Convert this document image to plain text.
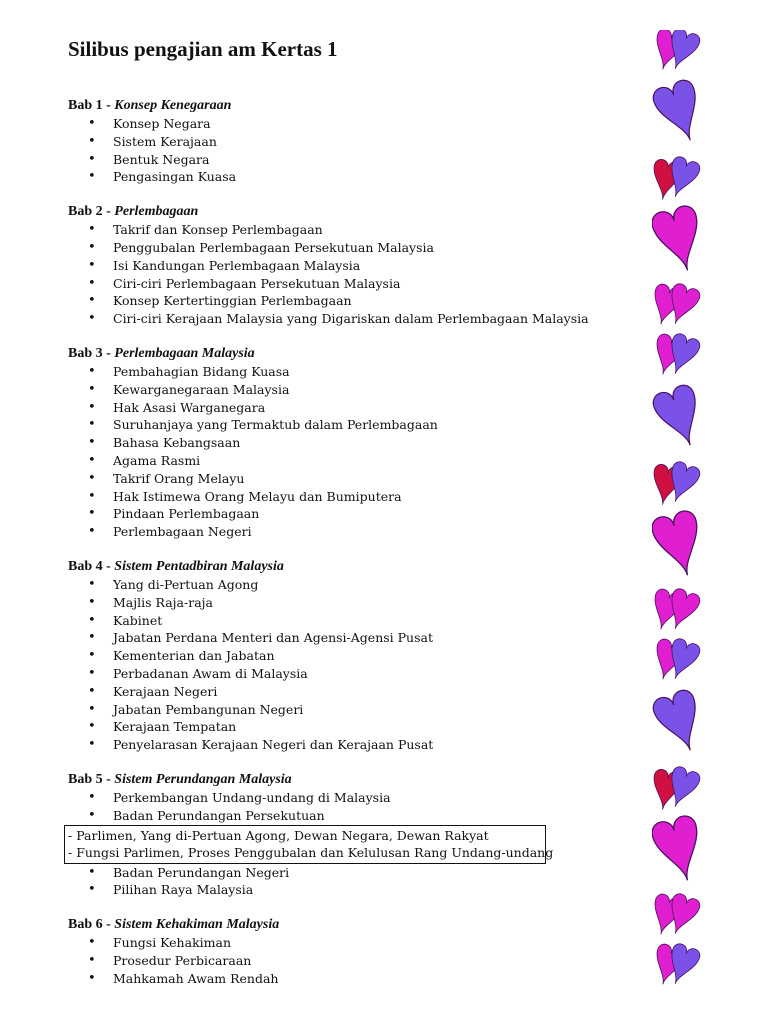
Silibus pengajian am Kertas 1

Bab 1 - Konsep Kenegaraan

• Konsep Negara
• Sistem Kerajaan
• Bentuk Negara
• Pengasingan Kuasa

Bab 2 - Perlembagaan

• Takrif dan Konsep Perlembagaan
• Penggubalan Perlembagaan Persekutuan Malaysia
• Isi Kandungan Perlembagaan Malaysia
• Ciri-ciri Perlembagaan Persekutuan Malaysia
• Konsep Kertertinggian Perlembagaan
• Ciri-ciri Kerajaan Malaysia yang Digariskan dalam Perlembagaan Malaysia

Bab 3 - Perlembagaan Malaysia

• Pembahagian Bidang Kuasa
• Kewarganegaraan Malaysia
• Hak Asasi Warganegara
• Suruhanjaya yang Termaktub dalam Perlembagaan
• Bahasa Kebangsaan
• Agama Rasmi
• Takrif Orang Melayu
• Hak Istimewa Orang Melayu dan Bumiputera
• Pindaan Perlembagaan
• Perlembagaan Negeri

Bab 4 - Sistem Pentadbiran Malaysia

• Yang di-Pertuan Agong
• Majlis Raja-raja
• Kabinet
• Jabatan Perdana Menteri dan Agensi-Agensi Pusat
• Kementerian dan Jabatan
• Perbadanan Awam di Malaysia
• Kerajaan Negeri
• Jabatan Pembangunan Negeri
• Kerajaan Tempatan
• Penyelarasan Kerajaan Negeri dan Kerajaan Pusat

Bab 5 - Sistem Perundangan Malaysia

• Perkembangan Undang-undang di Malaysia
• Badan Perundangan Persekutuan
- Parlimen, Yang di-Pertuan Agong, Dewan Negara, Dewan Rakyat
- Fungsi Parlimen, Proses Penggubalan dan Kelulusan Rang Undang-undang
• Badan Perundangan Negeri
• Pilihan Raya Malaysia

Bab 6 - Sistem Kehakiman Malaysia

• Fungsi Kehakiman
• Prosedur Perbicaraan
• Mahkamah Awam Rendah
